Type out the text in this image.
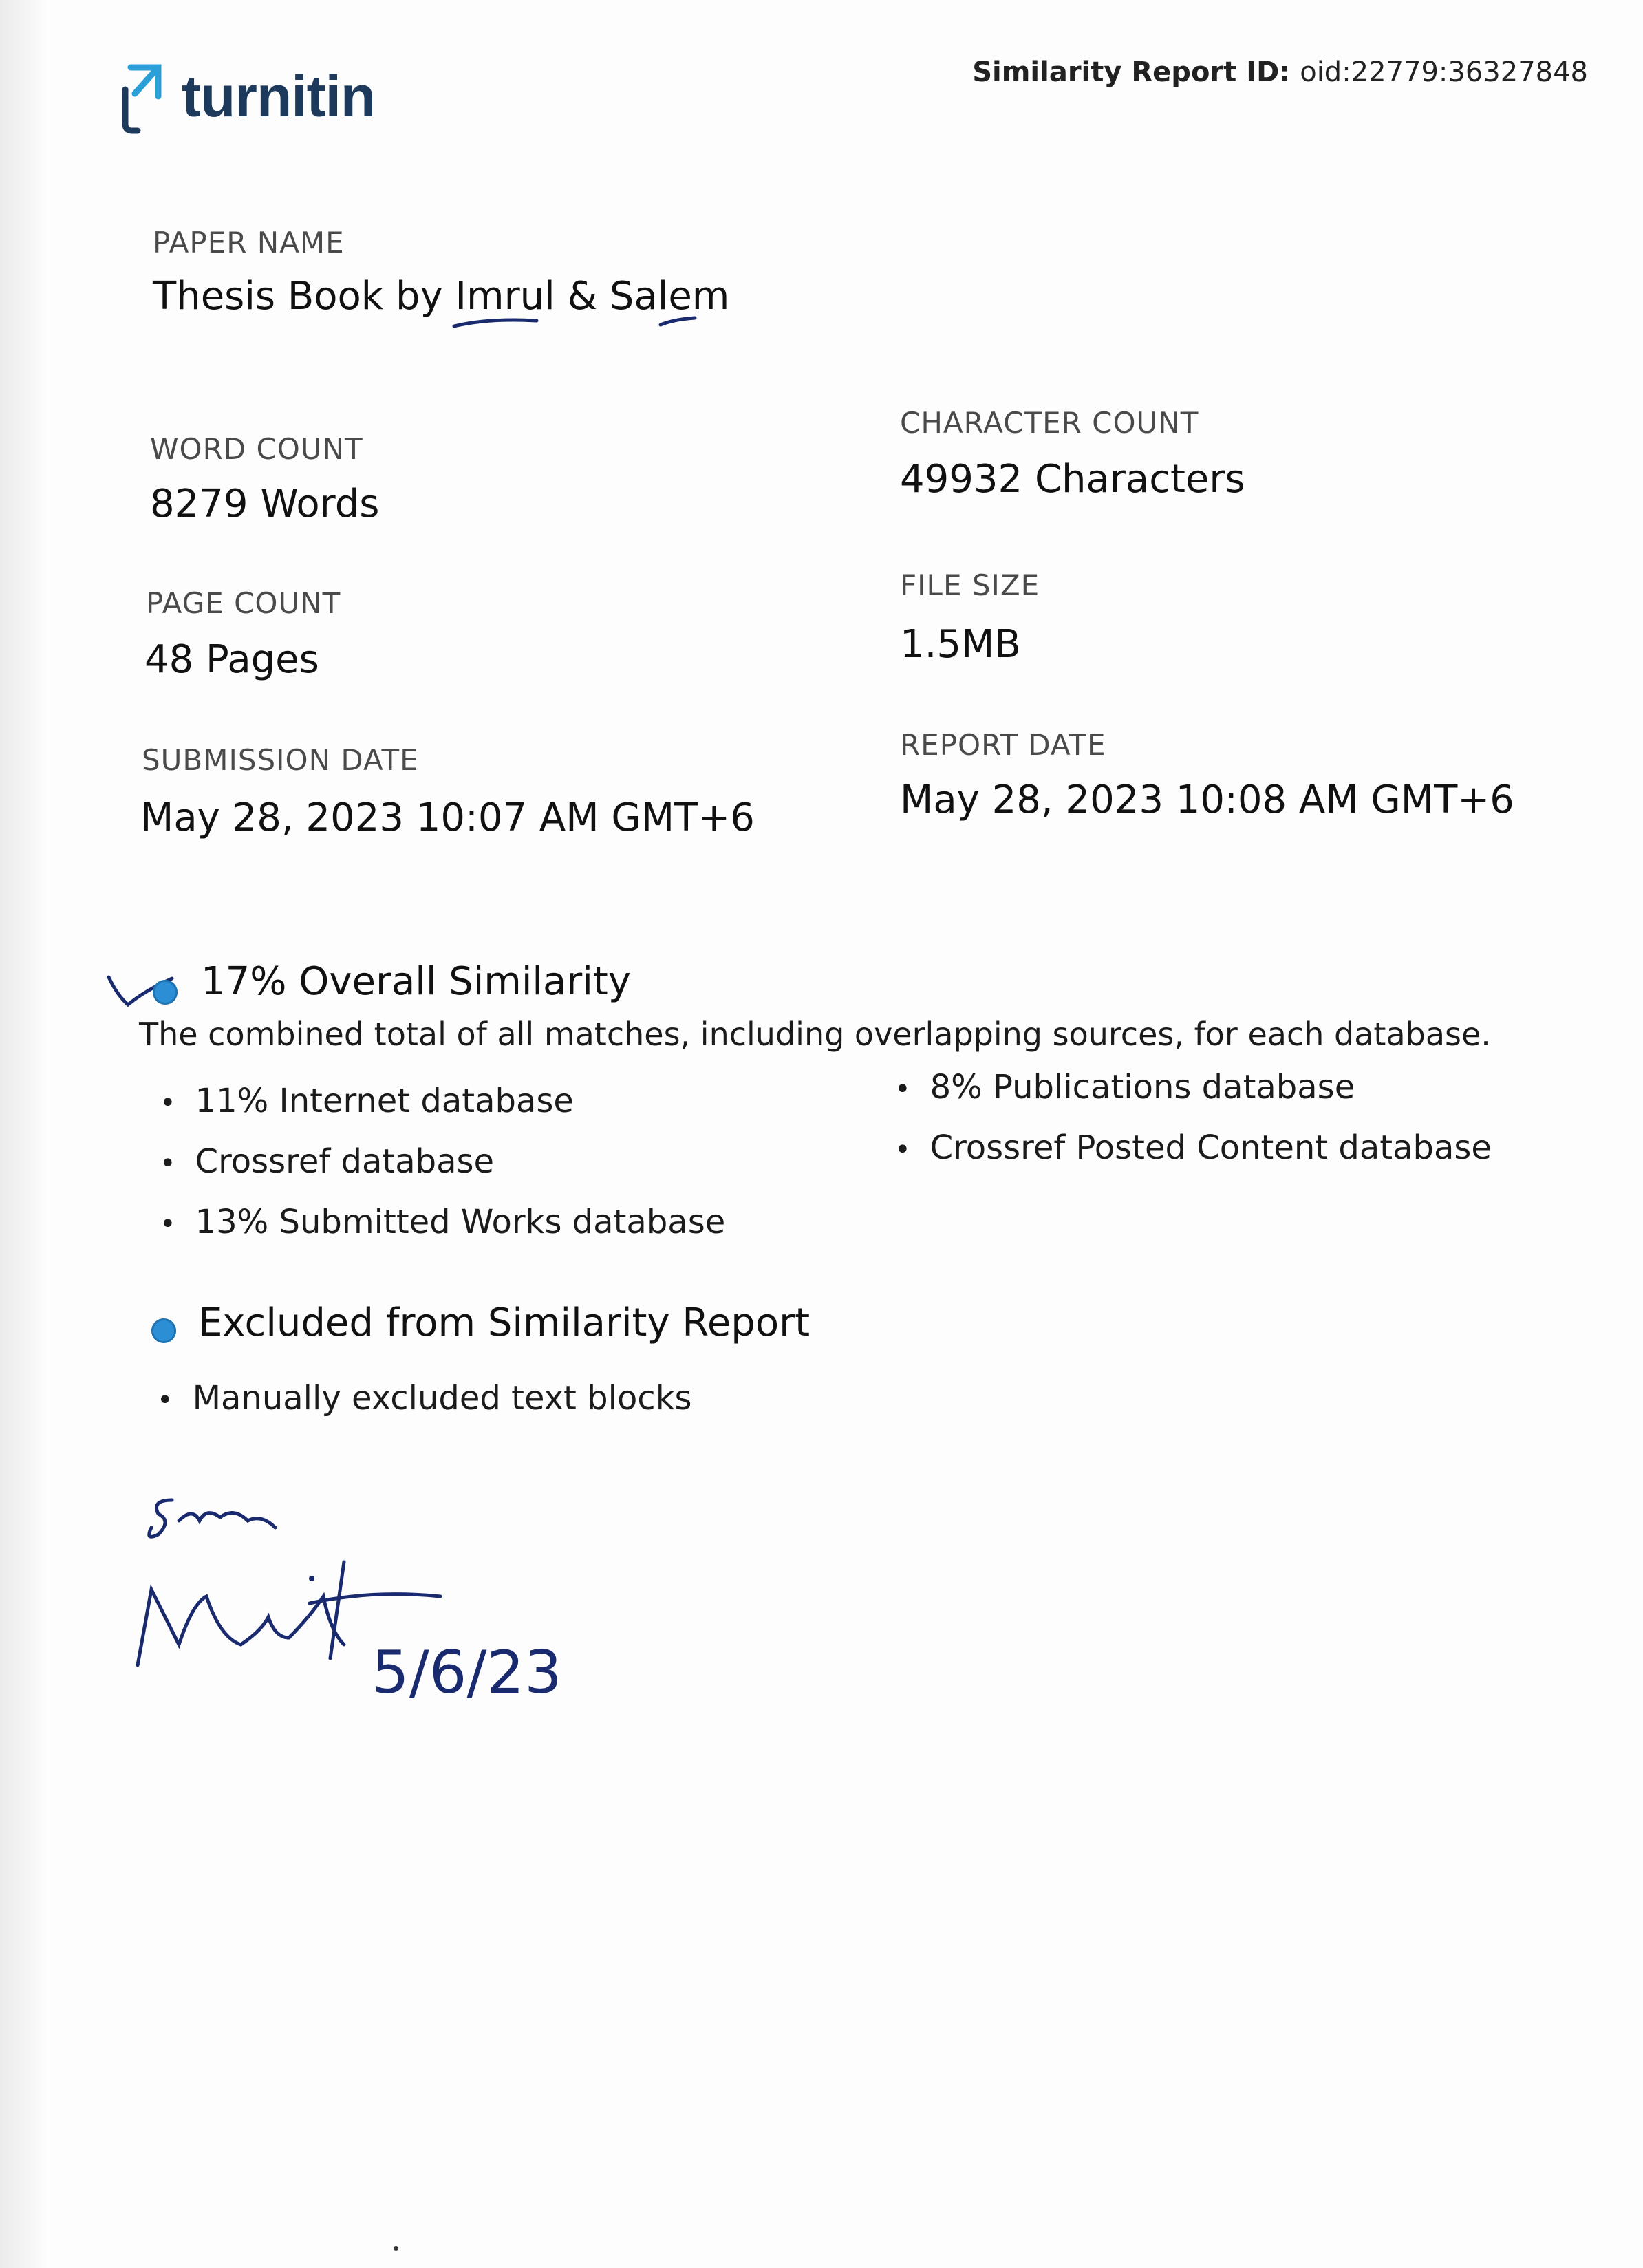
turnitin	Similarity Report ID: oid:22779:36327848
PAPER NAME
Thesis Book by Imrul & Salem
WORD COUNT
8279 Words
PAGE COUNT
48 Pages
SUBMISSION DATE
May 28, 2023 10:07 AM GMT+6
CHARACTER COUNT
49932 Characters
FILE SIZE
1.5MB
REPORT DATE
May 28, 2023 10:08 AM GMT+6
17% Overall Similarity
The combined total of all matches, including overlapping sources, for each database.
• 11% Internet database
• Crossref database
• 13% Submitted Works database
• 8% Publications database
• Crossref Posted Content database
Excluded from Similarity Report
• Manually excluded text blocks
5/6/23
